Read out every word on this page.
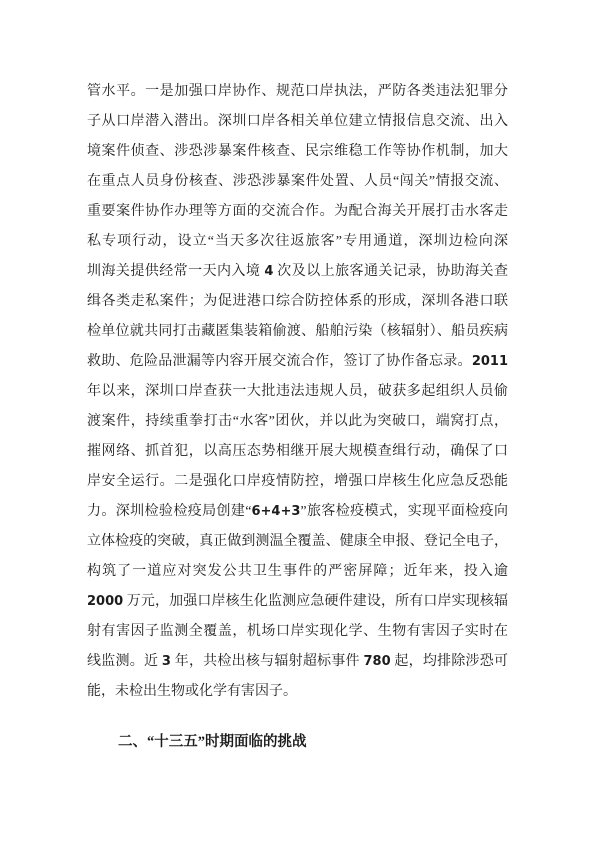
管水平。一是加强口岸协作、规范口岸执法，严防各类违法犯罪分
子从口岸潜入潜出。深圳口岸各相关单位建立情报信息交流、出入
境案件侦查、涉恐涉暴案件核查、民宗维稳工作等协作机制，加大
在重点人员身份核查、涉恐涉暴案件处置、人员“闯关”情报交流、
重要案件协作办理等方面的交流合作。为配合海关开展打击水客走
私专项行动，设立“当天多次往返旅客”专用通道，深圳边检向深
圳海关提供经常一天内入境 4 次及以上旅客通关记录，协助海关查
缉各类走私案件；为促进港口综合防控体系的形成，深圳各港口联
检单位就共同打击藏匿集装箱偷渡、船舶污染（核辐射）、船员疾病
救助、危险品泄漏等内容开展交流合作，签订了协作备忘录。2011
年以来，深圳口岸查获一大批违法违规人员，破获多起组织人员偷
渡案件，持续重拳打击“水客”团伙，并以此为突破口，端窝打点，
摧网络、抓首犯，以高压态势相继开展大规模查缉行动，确保了口
岸安全运行。二是强化口岸疫情防控，增强口岸核生化应急反恐能
力。深圳检验检疫局创建“6+4+3”旅客检疫模式，实现平面检疫向
立体检疫的突破，真正做到测温全覆盖、健康全申报、登记全电子，
构筑了一道应对突发公共卫生事件的严密屏障；近年来，投入逾
2000 万元，加强口岸核生化监测应急硬件建设，所有口岸实现核辐
射有害因子监测全覆盖，机场口岸实现化学、生物有害因子实时在
线监测。近 3 年，共检出核与辐射超标事件 780 起，均排除涉恐可
能，未检出生物或化学有害因子。
二、“十三五”时期面临的挑战
